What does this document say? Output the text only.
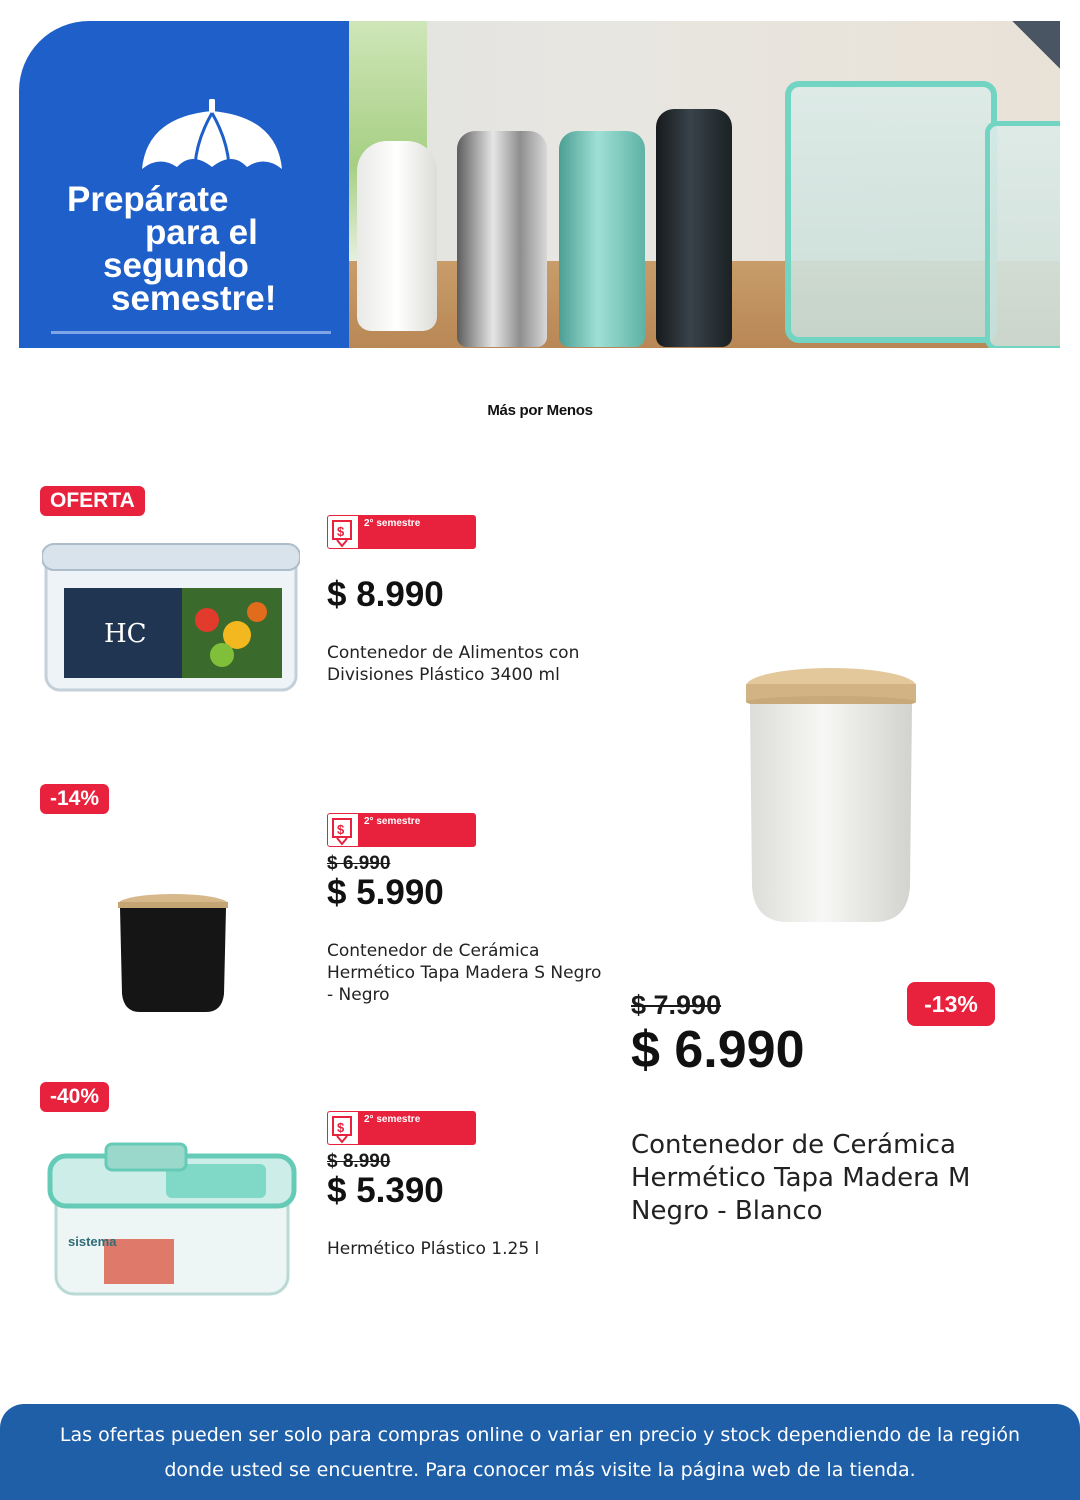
Prepárate
para el
segundo
semestre!
Más por Menos
OFERTA
HC
$
2° semestre
$ 8.990
Contenedor de Alimentos con Divisiones Plástico 3400 ml
-14%
$
2° semestre
$ 6.990
$ 5.990
Contenedor de Cerámica Hermético Tapa Madera S Negro - Negro
-40%
sistema
$
2° semestre
$ 8.990
$ 5.390
Hermético Plástico 1.25 l
-13%
$ 7.990
$ 6.990
Contenedor de Cerámica Hermético Tapa Madera M Negro - Blanco

Las ofertas pueden ser solo para compras online o variar en precio y stock dependiendo de la región donde usted se encuentre. Para conocer más visite la página web de la tienda.
